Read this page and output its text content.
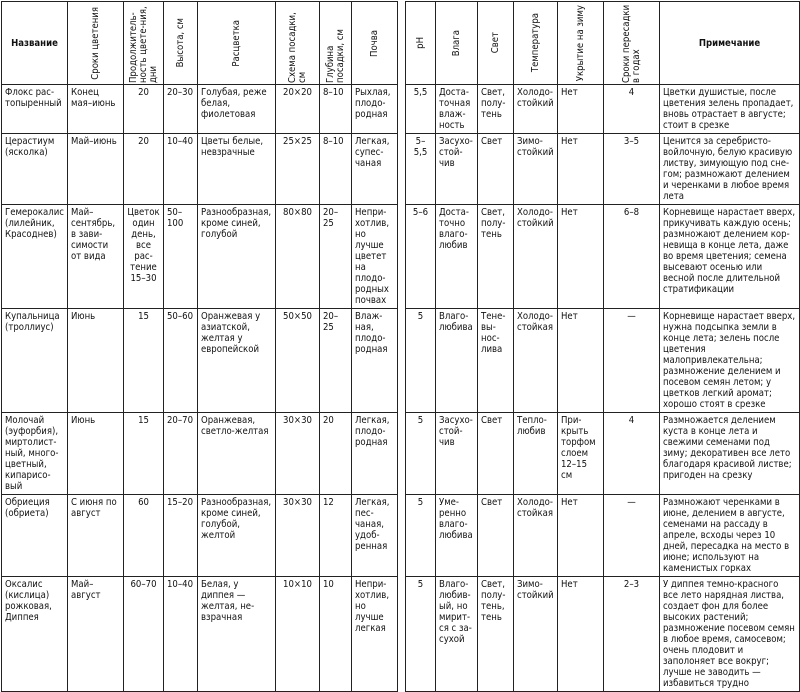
Название	Сроки цветения	Продолжитель-ность цвете-ния, дни	Высота, см	Расцветка	Схема посадки, см	Глубина посадки, см	Почва		pH	Влага	Свет	Температура	Укрытие на зиму	Сроки пересадки в годах	Примечание
Флокс растопыренный	Конец мая–июнь	20	20–30	Голубая, реже белая, фиолетовая	20×20	8–10	Рыхлая, плодородная		5,5	Достаточная влажность	Свет, полутень	Холодостойкий	Нет	4	Цветки душистые, после цветения зелень пропадает, вновь отрастает в августе; стоит в срезке
Церастиум (ясколка)	Май–июнь	20	10–40	Цветы белые, невзрачные	25×25	8–10	Легкая, супесчаная		5–5,5	Засухостойчив	Свет	Зимостойкий	Нет	3–5	Ценится за серебристо-войлочную, белую красивую листву, зимующую под снегом; размножают делением и черенками в любое время лета
Гемерокалис (лилейник, Красоднев)	Май–сентябрь, в зависимости от вида	Цветок один день, все растение 15–30	50–100	Разнообразная, кроме синей, голубой	80×80	20–25	Неприхотлив, но лучше цветет на плодородных почвах		5–6	Достаточно влаголюбив	Свет, полутень	Холодостойкий	Нет	6–8	Корневище нарастает вверх, прикучивать каждую осень; размножают делением корневища в конце лета, даже во время цветения; семена высевают осенью или весной после длительной стратификации
Купальница (троллиус)	Июнь	15	50–60	Оранжевая у азиатской, желтая у европейской	50×50	20–25	Влажная, плодородная		5	Влаголюбива	Теневынослива	Холодостойкая	Нет	—	Корневище нарастает вверх, нужна подсыпка земли в конце лета; зелень после цветения малопривлекательна; размножение делением и посевом семян летом; у цветков легкий аромат; хорошо стоят в срезке
Молочай (эуфорбия), миртолистный, многоцветный, кипарисовый	Июнь	15	20–70	Оранжевая, светло-желтая	30×30	20	Легкая, плодородная		5	Засухостойчив	Свет	Теплолюбив	Прикрыть торфом слоем 12–15 см	4	Размножается делением куста в конце лета и свежими семенами под зиму; декоративен все лето благодаря красивой листве; пригоден на срезку
Обриеция (обриета)	С июня по август	60	15–20	Разнообразная, кроме синей, голубой, желтой	30×30	12	Легкая, песчаная, удобренная		5	Умеренно влаголюбива	Свет	Холодостойкая	Нет	—	Размножают черенками в июне, делением в августе, семенами на рассаду в апреле, всходы через 10 дней, пересадка на место в июне; используют на каменистых горках
Оксалис (кислица) рожковая, Диппея	Май–август	60–70	10–40	Белая, у диппея — желтая, невзрачная	10×10	10	Неприхотлив, но лучше легкая		5	Влаголюбивый, но мирится с засухой	Свет, полутень, тень	Зимостойкий	Нет	2–3	У диппея темно-красного все лето нарядная листва, создает фон для более высоких растений; размножение посевом семян в любое время, самосевом; очень плодовит и заполоняет все вокруг; лучше не заводить — избавиться трудно
